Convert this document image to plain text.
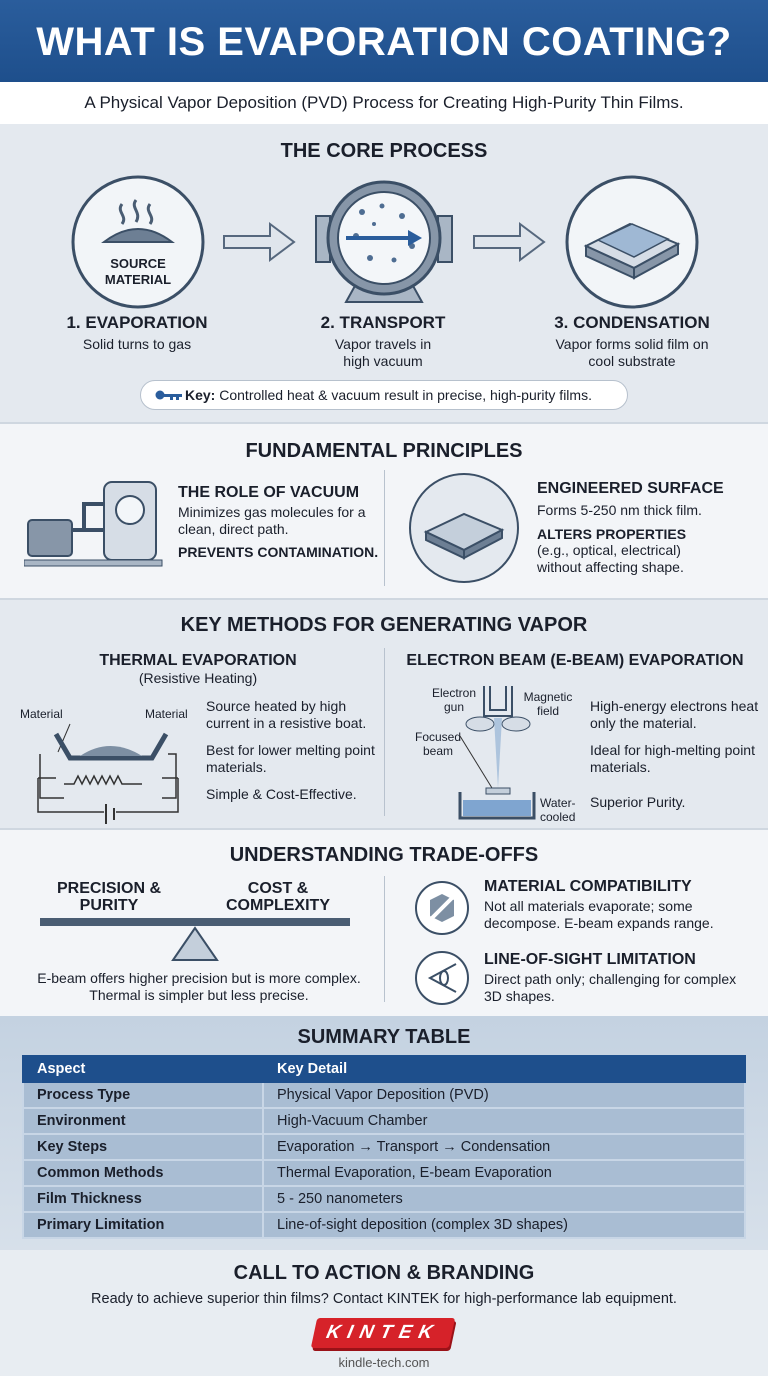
WHAT IS EVAPORATION COATING?
A Physical Vapor Deposition (PVD) Process for Creating High-Purity Thin Films.
THE CORE PROCESS
SOURCE MATERIAL
1. EVAPORATION
Solid turns to gas
2. TRANSPORT
Vapor travels in high vacuum
3. CONDENSATION
Vapor forms solid film on cool substrate
Key: Controlled heat & vacuum result in precise, high-purity films.
FUNDAMENTAL PRINCIPLES
THE ROLE OF VACUUM
Minimizes gas molecules for a clean, direct path.
PREVENTS CONTAMINATION.
ENGINEERED SURFACE
Forms 5-250 nm thick film.
ALTERS PROPERTIES
(e.g., optical, electrical) without affecting shape.
KEY METHODS FOR GENERATING VAPOR
THERMAL EVAPORATION
(Resistive Heating)
Material	Material Source heated by high current in a resistive boat.
Best for lower melting point materials.
Simple & Cost-Effective.
ELECTRON BEAM (E-BEAM) EVAPORATION
Electron gun
Magnetic field
Focused beam
Water-cooled
High-energy electrons heat only the material.
Ideal for high-melting point materials.
Superior Purity.
UNDERSTANDING TRADE-OFFS
PRECISION & PURITY
COST & COMPLEXITY
E-beam offers higher precision but is more complex. Thermal is simpler but less precise.
MATERIAL COMPATIBILITY
Not all materials evaporate; some decompose. E-beam expands range.
LINE-OF-SIGHT LIMITATION
Direct path only; challenging for complex 3D shapes.
SUMMARY TABLE
Aspect	Key Detail
Process Type	Physical Vapor Deposition (PVD)
Environment	High-Vacuum Chamber
Key Steps	Evaporation → Transport → Condensation
Common Methods	Thermal Evaporation, E-beam Evaporation
Film Thickness	5 - 250 nanometers
Primary Limitation	Line-of-sight deposition (complex 3D shapes)
CALL TO ACTION & BRANDING
Ready to achieve superior thin films? Contact KINTEK for high-performance lab equipment.
kindle-tech.com
KINTEK
